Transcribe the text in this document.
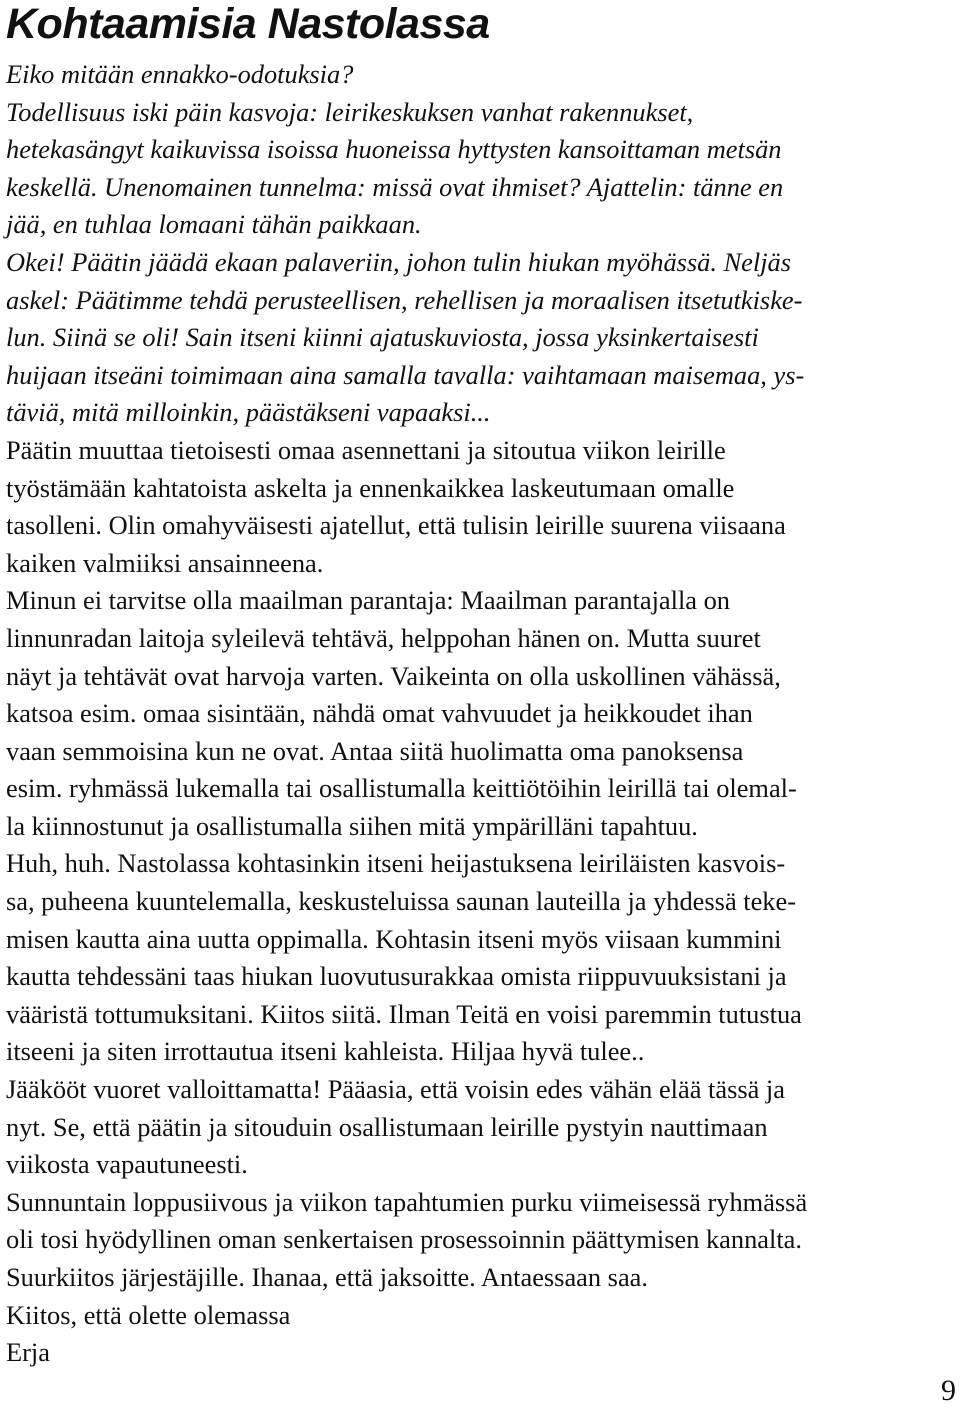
Kohtaamisia Nastolassa
Eiko mitään ennakko-odotuksia?
Todellisuus iski päin kasvoja: leirikeskuksen vanhat rakennukset,
hetekasängyt kaikuvissa isoissa huoneissa hyttysten kansoittaman metsän
keskellä. Unenomainen tunnelma: missä ovat ihmiset? Ajattelin: tänne en
jää, en tuhlaa lomaani tähän paikkaan.
Okei! Päätin jäädä ekaan palaveriin, johon tulin hiukan myöhässä. Neljäs
askel: Päätimme tehdä perusteellisen, rehellisen ja moraalisen itsetutkiske-
lun. Siinä se oli! Sain itseni kiinni ajatuskuviosta, jossa yksinkertaisesti
huijaan itseäni toimimaan aina samalla tavalla: vaihtamaan maisemaa, ys-
täviä, mitä milloinkin, päästäkseni vapaaksi...
Päätin muuttaa tietoisesti omaa asennettani ja sitoutua viikon leirille
työstämään kahtatoista askelta ja ennenkaikkea laskeutumaan omalle
tasolleni. Olin omahyväisesti ajatellut, että tulisin leirille suurena viisaana
kaiken valmiiksi ansainneena.
Minun ei tarvitse olla maailman parantaja: Maailman parantajalla on
linnunradan laitoja syleilevä tehtävä, helppohan hänen on. Mutta suuret
näyt ja tehtävät ovat harvoja varten. Vaikeinta on olla uskollinen vähässä,
katsoa esim. omaa sisintään, nähdä omat vahvuudet ja heikkoudet ihan
vaan semmoisina kun ne ovat. Antaa siitä huolimatta oma panoksensa
esim. ryhmässä lukemalla tai osallistumalla keittiötöihin leirillä tai olemal-
la kiinnostunut ja osallistumalla siihen mitä ympärilläni tapahtuu.
Huh, huh. Nastolassa kohtasinkin itseni heijastuksena leiriläisten kasvois-
sa, puheena kuuntelemalla, keskusteluissa saunan lauteilla ja yhdessä teke-
misen kautta aina uutta oppimalla. Kohtasin itseni myös viisaan kummini
kautta tehdessäni taas hiukan luovutusurakkaa omista riippuvuuksistani ja
vääristä tottumuksitani. Kiitos siitä. Ilman Teitä en voisi paremmin tutustua
itseeni ja siten irrottautua itseni kahleista. Hiljaa hyvä tulee..
Jääkööt vuoret valloittamatta! Pääasia, että voisin edes vähän elää tässä ja
nyt. Se, että päätin ja sitouduin osallistumaan leirille pystyin nauttimaan
viikosta vapautuneesti.
Sunnuntain loppusiivous ja viikon tapahtumien purku viimeisessä ryhmässä
oli tosi hyödyllinen oman senkertaisen prosessoinnin päättymisen kannalta.
Suurkiitos järjestäjille. Ihanaa, että jaksoitte. Antaessaan saa.
Kiitos, että olette olemassa
Erja
9
